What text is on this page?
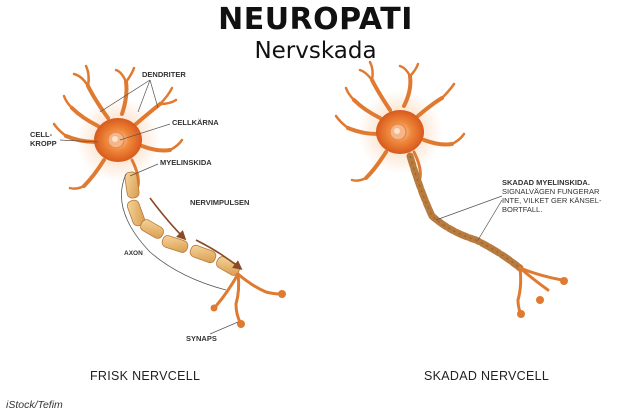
NEUROPATI
Nervskada
DENDRITER
CELLKÄRNA
CELL-
KROPP
MYELINSKIDA
NERVIMPULSEN
AXON
SYNAPS
SKADAD MYELINSKIDA.
SIGNALVÄGEN FUNGERAR
INTE, VILKET GER KÄNSEL-
BORTFALL.
FRISK NERVCELL	SKADAD NERVCELL
iStock/Tefim
